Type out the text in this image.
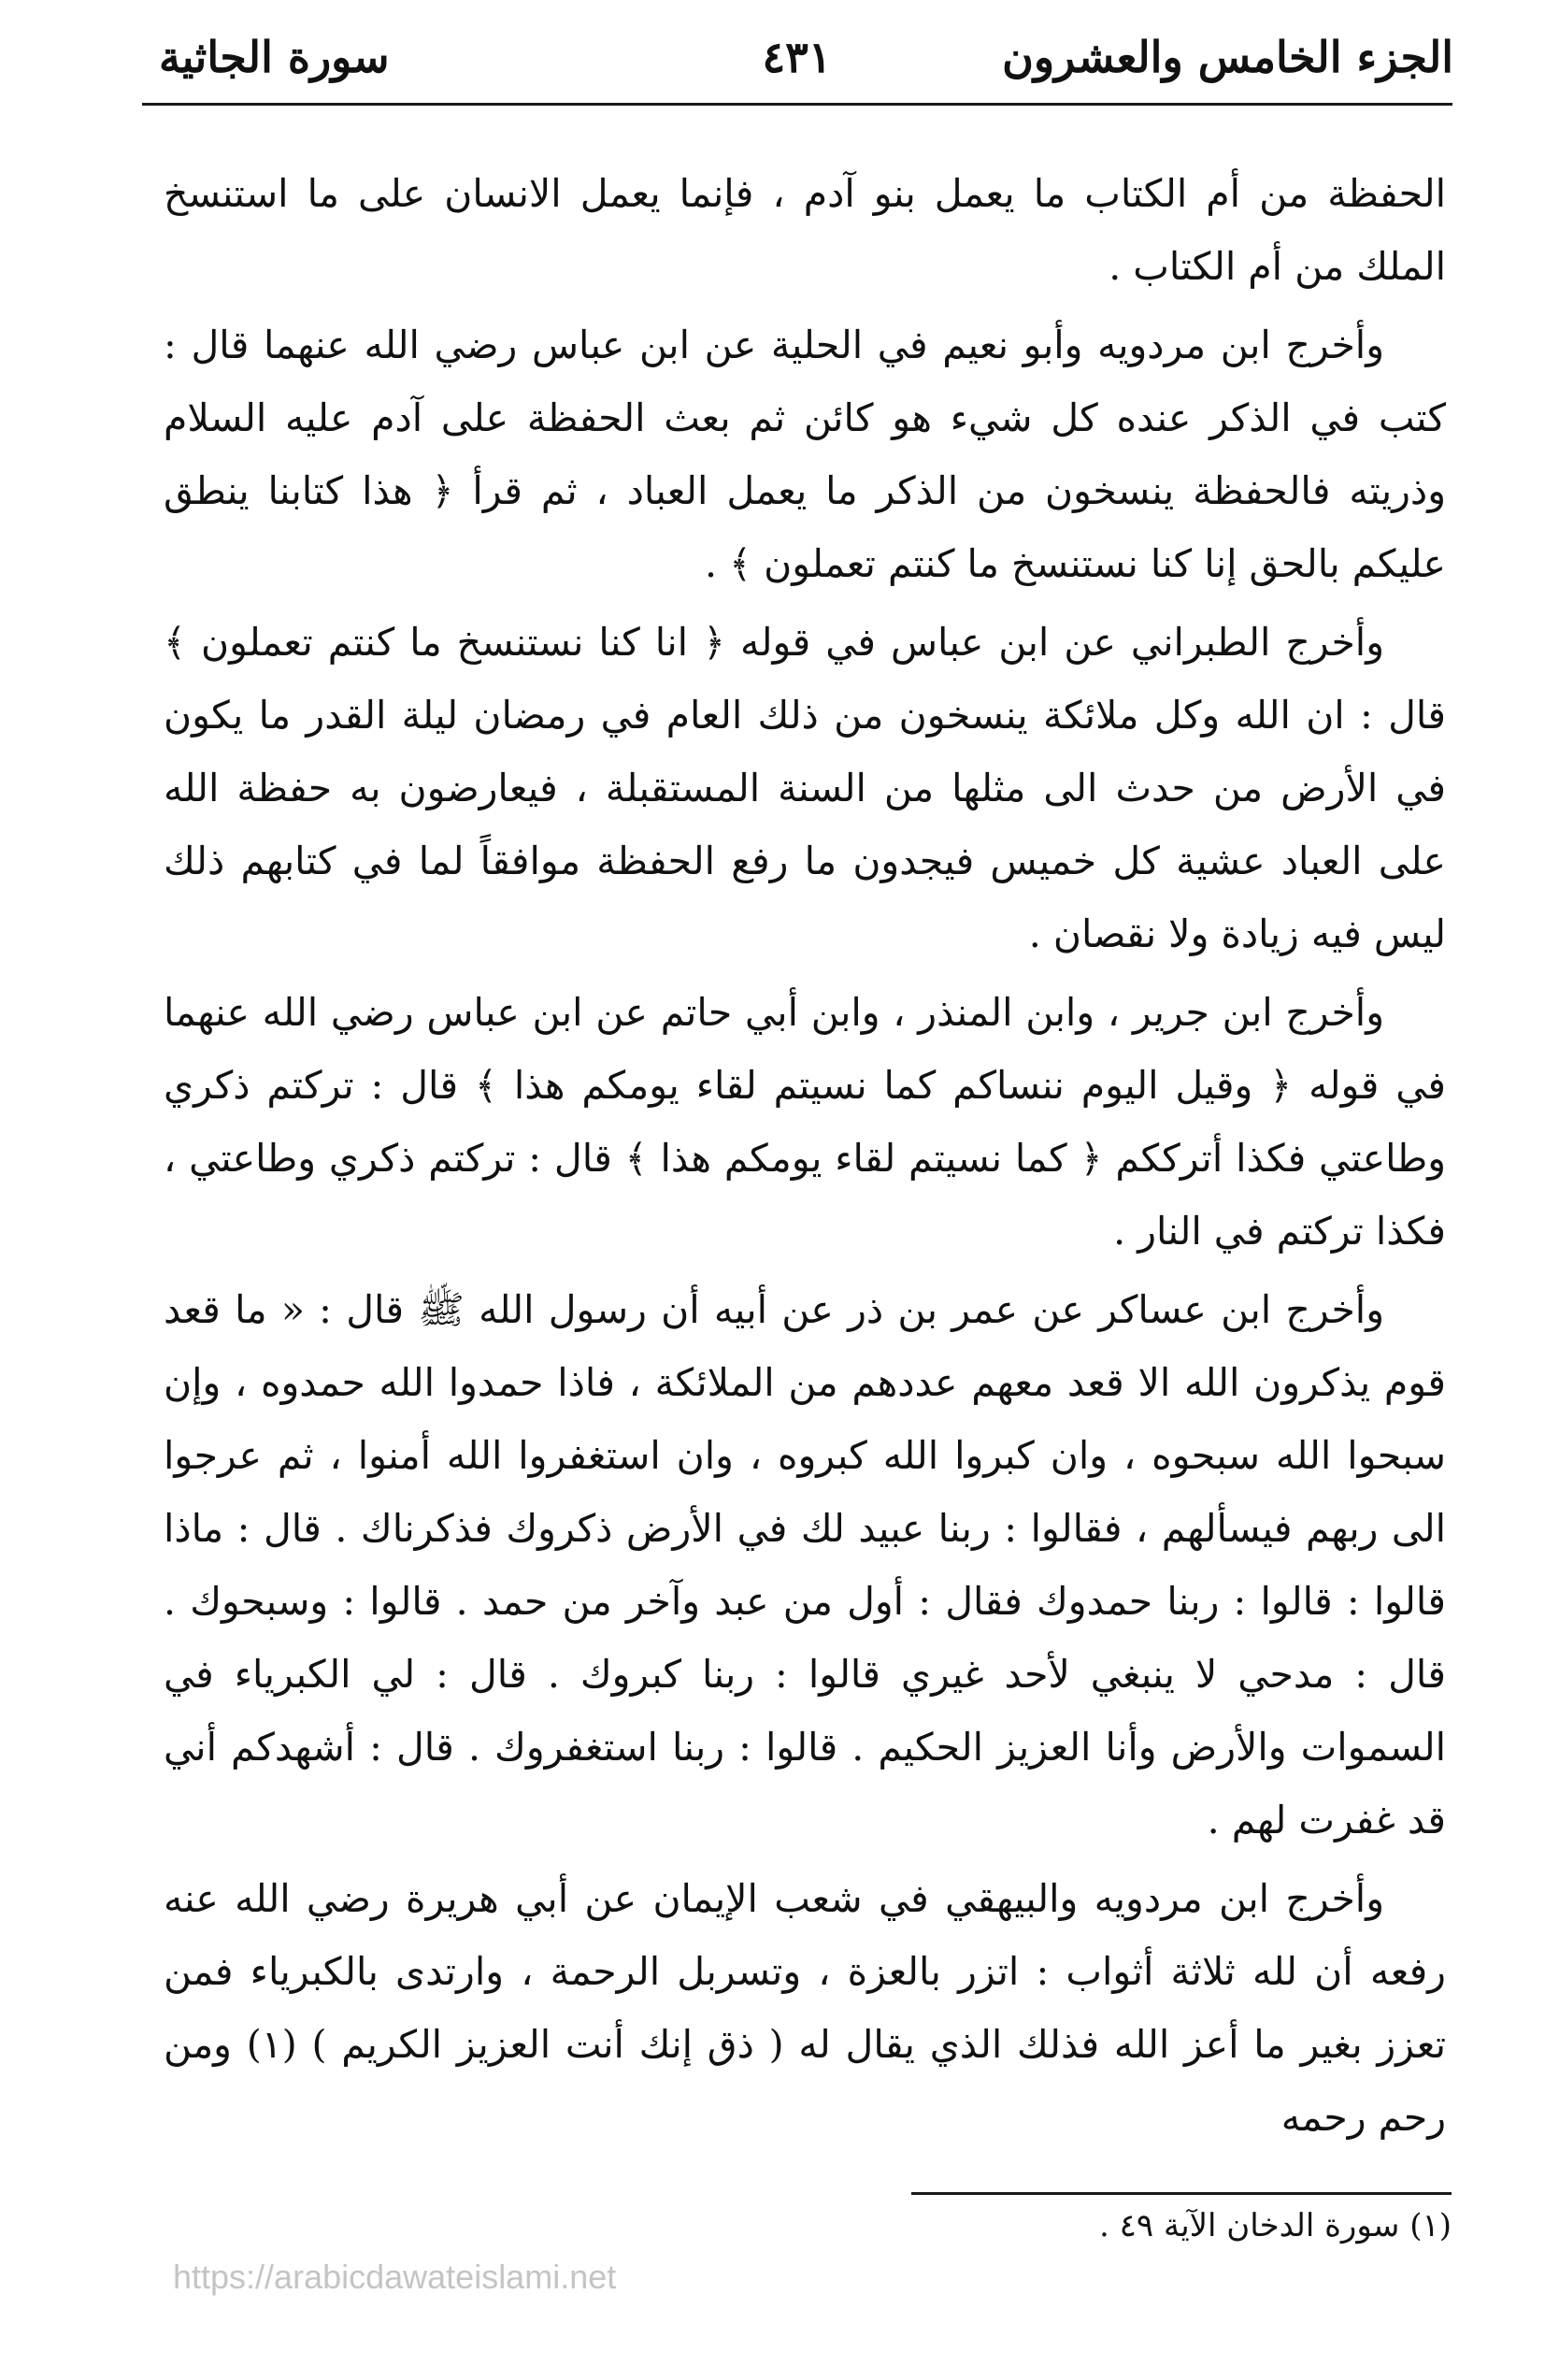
الجزء الخامس والعشرون
٤٣١
سورة الجاثية

الحفظة من أم الكتاب ما يعمل بنو آدم ، فإنما يعمل الانسان على ما استنسخ الملك من أم الكتاب .

وأخرج ابن مردويه وأبو نعيم في الحلية عن ابن عباس رضي الله عنهما قال : كتب في الذكر عنده كل شيء هو كائن ثم بعث الحفظة على آدم عليه السلام وذريته فالحفظة ينسخون من الذكر ما يعمل العباد ، ثم قرأ ﴿ هذا كتابنا ينطق عليكم بالحق إنا كنا نستنسخ ما كنتم تعملون ﴾ .

وأخرج الطبراني عن ابن عباس في قوله ﴿ انا كنا نستنسخ ما كنتم تعملون ﴾ قال : ان الله وكل ملائكة ينسخون من ذلك العام في رمضان ليلة القدر ما يكون في الأرض من حدث الى مثلها من السنة المستقبلة ، فيعارضون به حفظة الله على العباد عشية كل خميس فيجدون ما رفع الحفظة موافقاً لما في كتابهم ذلك ليس فيه زيادة ولا نقصان .

وأخرج ابن جرير ، وابن المنذر ، وابن أبي حاتم عن ابن عباس رضي الله عنهما في قوله ﴿ وقيل اليوم ننساكم كما نسيتم لقاء يومكم هذا ﴾ قال : تركتم ذكري وطاعتي فكذا أترككم ﴿ كما نسيتم لقاء يومكم هذا ﴾ قال : تركتم ذكري وطاعتي ، فكذا تركتم في النار .

وأخرج ابن عساكر عن عمر بن ذر عن أبيه أن رسول الله ﷺ قال : « ما قعد قوم يذكرون الله الا قعد معهم عددهم من الملائكة ، فاذا حمدوا الله حمدوه ، وإن سبحوا الله سبحوه ، وان كبروا الله كبروه ، وان استغفروا الله أمنوا ، ثم عرجوا الى ربهم فيسألهم ، فقالوا : ربنا عبيد لك في الأرض ذكروك فذكرناك . قال : ماذا قالوا : قالوا : ربنا حمدوك فقال : أول من عبد وآخر من حمد . قالوا : وسبحوك . قال : مدحي لا ينبغي لأحد غيري قالوا : ربنا كبروك . قال : لي الكبرياء في السموات والأرض وأنا العزيز الحكيم . قالوا : ربنا استغفروك . قال : أشهدكم أني قد غفرت لهم .

وأخرج ابن مردويه والبيهقي في شعب الإيمان عن أبي هريرة رضي الله عنه رفعه أن لله ثلاثة أثواب : اتزر بالعزة ، وتسربل الرحمة ، وارتدى بالكبرياء فمن تعزز بغير ما أعز الله فذلك الذي يقال له ( ذق إنك أنت العزيز الكريم ) (١) ومن رحم رحمه

(١) سورة الدخان الآية ٤٩ .
https://arabicdawateislami.net
